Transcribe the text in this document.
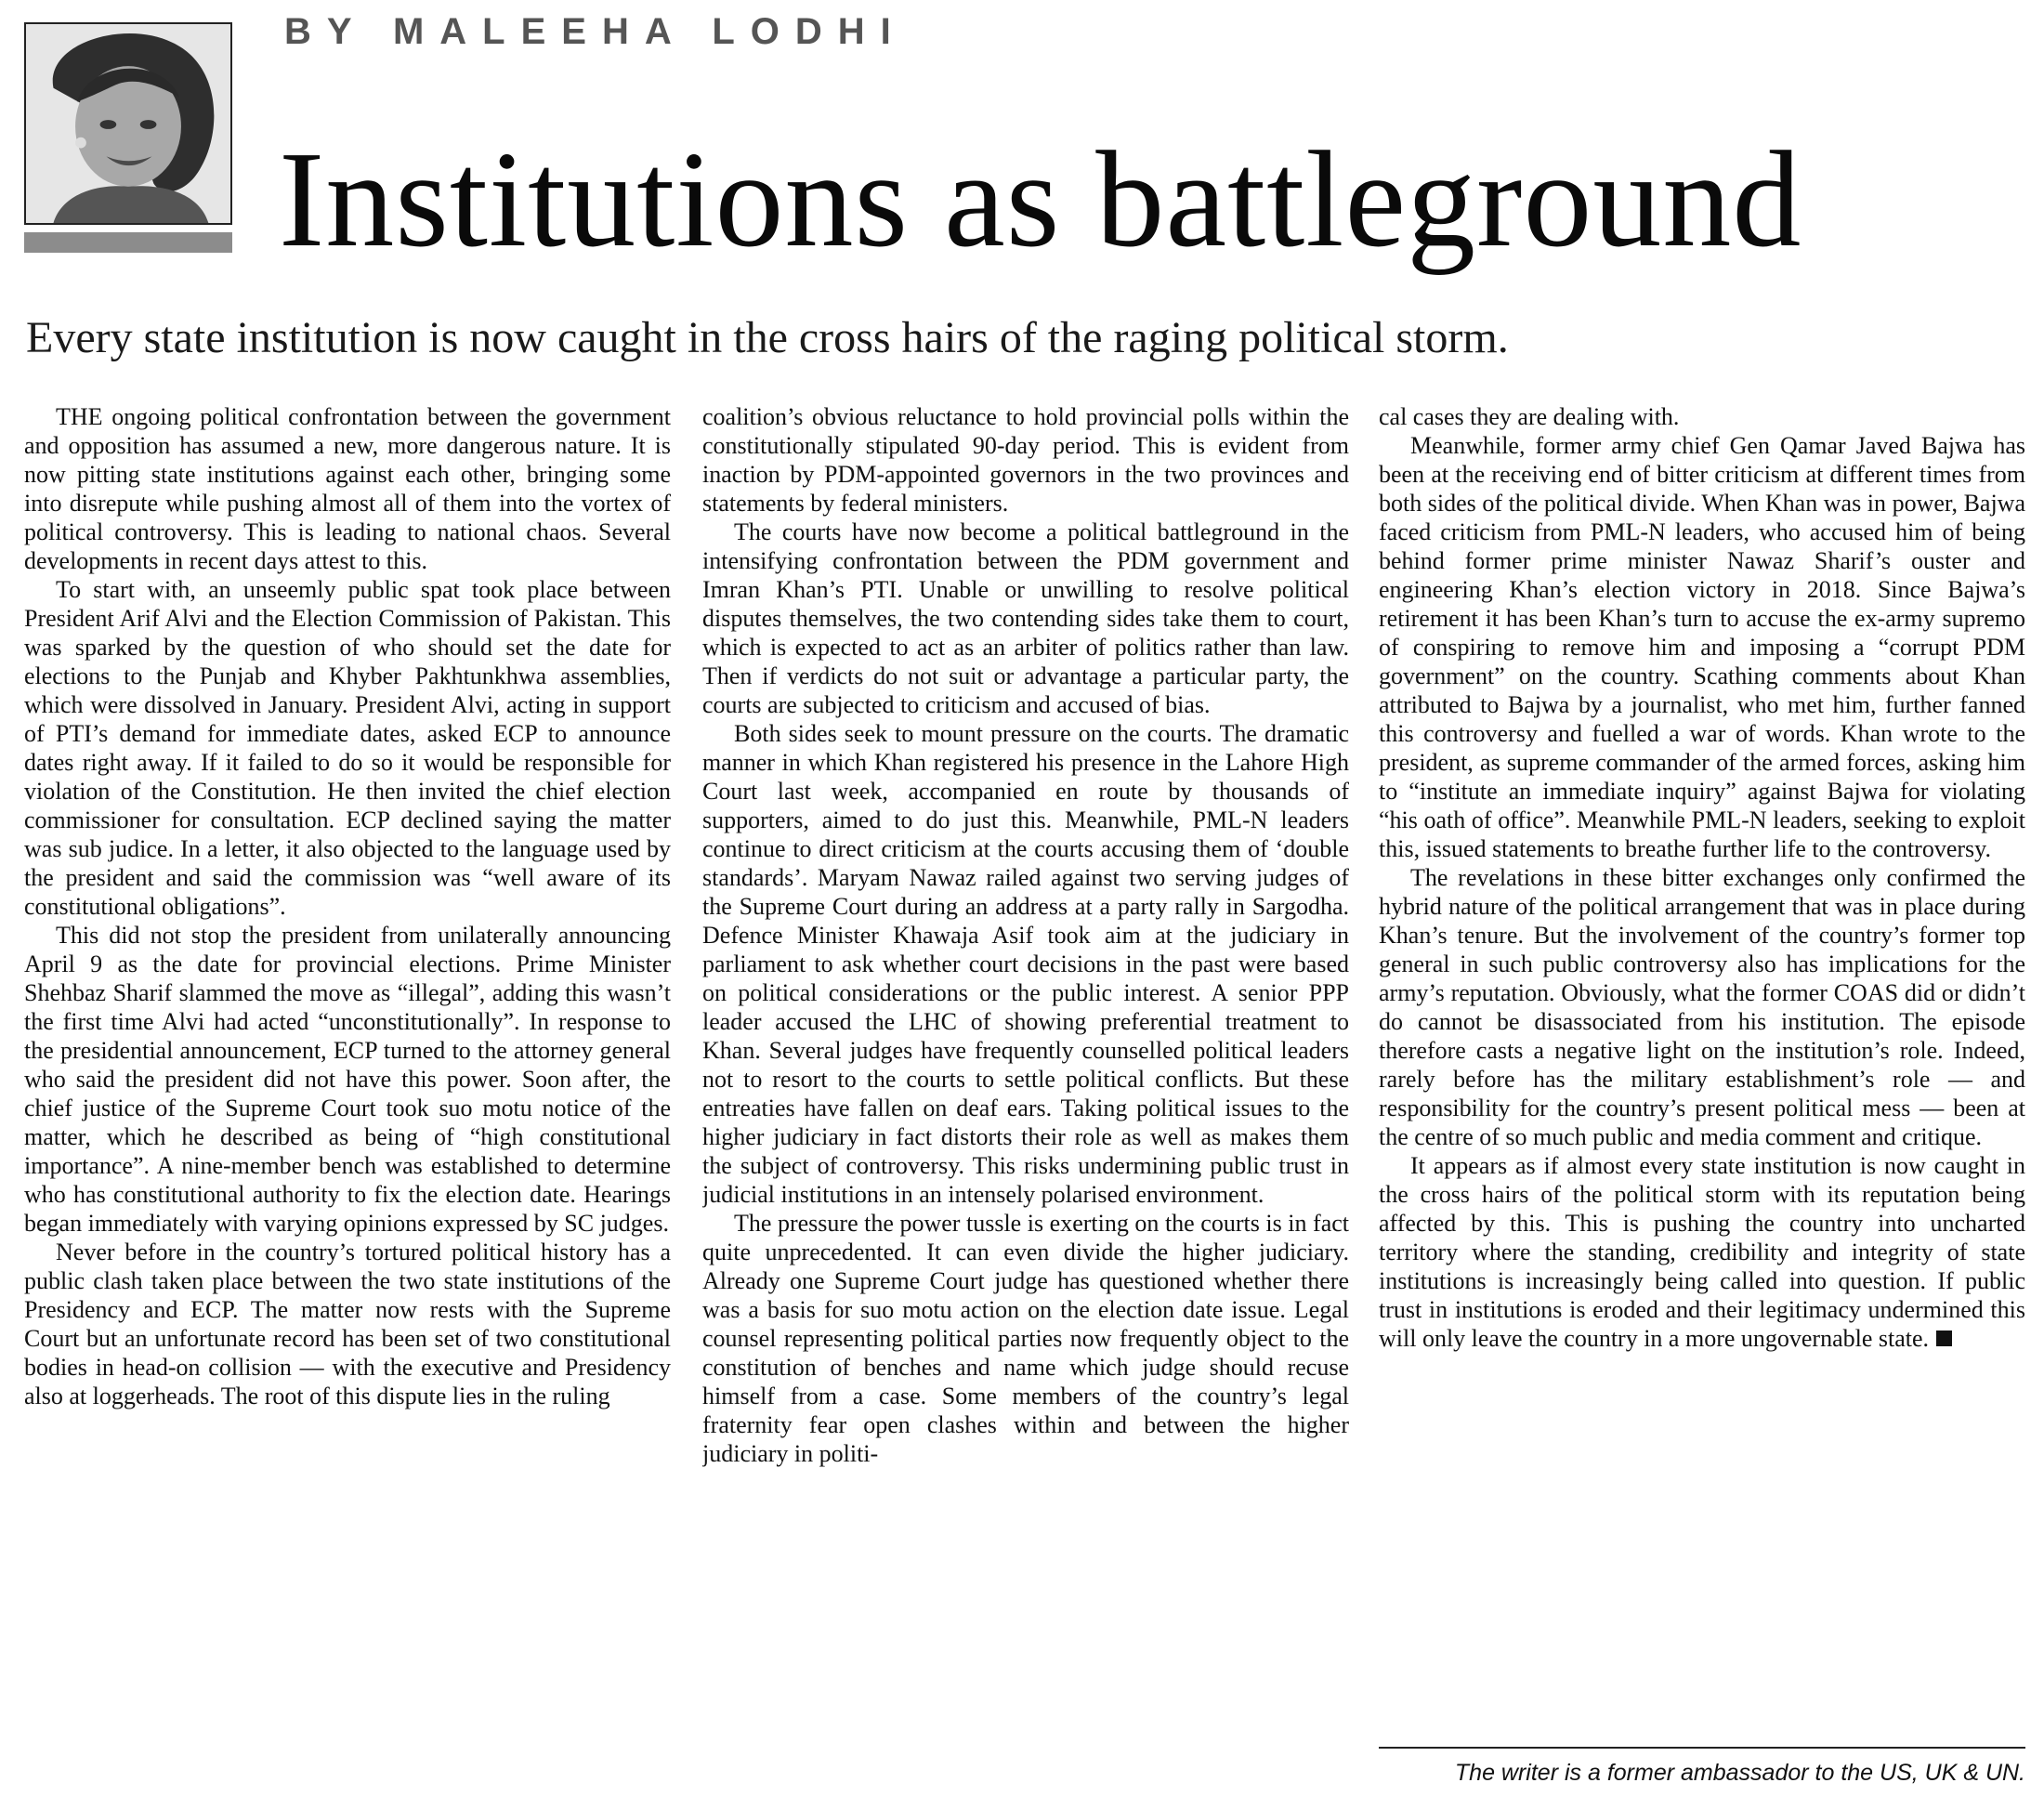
BY MALEEHA LODHI
Institutions as battleground
Every state institution is now caught in the cross hairs of the raging political storm.

THE ongoing political confrontation between the government and opposition has assumed a new, more dangerous nature. It is now pitting state institutions against each other, bringing some into disrepute while pushing almost all of them into the vortex of political controversy. This is leading to national chaos. Several developments in recent days attest to this.

To start with, an unseemly public spat took place between President Arif Alvi and the Election Commission of Pakistan. This was sparked by the question of who should set the date for elections to the Punjab and Khyber Pakhtunkhwa assemblies, which were dissolved in January. President Alvi, acting in support of PTI’s demand for immediate dates, asked ECP to announce dates right away. If it failed to do so it would be responsible for violation of the Constitution. He then invited the chief election commissioner for consultation. ECP declined saying the matter was sub judice. In a letter, it also objected to the language used by the president and said the commission was “well aware of its constitutional obligations”.

This did not stop the president from unilaterally announcing April 9 as the date for provincial elections. Prime Minister Shehbaz Sharif slammed the move as “illegal”, adding this wasn’t the first time Alvi had acted “unconstitutionally”. In response to the presidential announcement, ECP turned to the attorney general who said the president did not have this power. Soon after, the chief justice of the Supreme Court took suo motu notice of the matter, which he described as being of “high constitutional importance”. A nine-member bench was established to determine who has constitutional authority to fix the election date. Hearings began immediately with varying opinions expressed by SC judges.

Never before in the country’s tortured political history has a public clash taken place between the two state institutions of the Presidency and ECP. The matter now rests with the Supreme Court but an unfortunate record has been set of two constitutional bodies in head-on collision — with the executive and Presidency also at loggerheads. The root of this dispute lies in the ruling

coalition’s obvious reluctance to hold provincial polls within the constitutionally stipulated 90-day period. This is evident from inaction by PDM-appointed governors in the two provinces and statements by federal ministers.

The courts have now become a political battleground in the intensifying confrontation between the PDM government and Imran Khan’s PTI. Unable or unwilling to resolve political disputes themselves, the two contending sides take them to court, which is expected to act as an arbiter of politics rather than law. Then if verdicts do not suit or advantage a particular party, the courts are subjected to criticism and accused of bias.

Both sides seek to mount pressure on the courts. The dramatic manner in which Khan registered his presence in the Lahore High Court last week, accompanied en route by thousands of supporters, aimed to do just this. Meanwhile, PML-N leaders continue to direct criticism at the courts accusing them of ‘double standards’. Maryam Nawaz railed against two serving judges of the Supreme Court during an address at a party rally in Sargodha. Defence Minister Khawaja Asif took aim at the judiciary in parliament to ask whether court decisions in the past were based on political considerations or the public interest. A senior PPP leader accused the LHC of showing preferential treatment to Khan. Several judges have frequently counselled political leaders not to resort to the courts to settle political conflicts. But these entreaties have fallen on deaf ears. Taking political issues to the higher judiciary in fact distorts their role as well as makes them the subject of controversy. This risks undermining public trust in judicial institutions in an intensely polarised environment.

The pressure the power tussle is exerting on the courts is in fact quite unprecedented. It can even divide the higher judiciary. Already one Supreme Court judge has questioned whether there was a basis for suo motu action on the election date issue. Legal counsel representing political parties now frequently object to the constitution of benches and name which judge should recuse himself from a case. Some members of the country’s legal fraternity fear open clashes within and between the higher judiciary in politi-

cal cases they are dealing with.

Meanwhile, former army chief Gen Qamar Javed Bajwa has been at the receiving end of bitter criticism at different times from both sides of the political divide. When Khan was in power, Bajwa faced criticism from PML-N leaders, who accused him of being behind former prime minister Nawaz Sharif’s ouster and engineering Khan’s election victory in 2018. Since Bajwa’s retirement it has been Khan’s turn to accuse the ex-army supremo of conspiring to remove him and imposing a “corrupt PDM government” on the country. Scathing comments about Khan attributed to Bajwa by a journalist, who met him, further fanned this controversy and fuelled a war of words. Khan wrote to the president, as supreme commander of the armed forces, asking him to “institute an immediate inquiry” against Bajwa for violating “his oath of office”. Meanwhile PML-N leaders, seeking to exploit this, issued statements to breathe further life to the controversy.

The revelations in these bitter exchanges only confirmed the hybrid nature of the political arrangement that was in place during Khan’s tenure. But the involvement of the country’s former top general in such public controversy also has implications for the army’s reputation. Obviously, what the former COAS did or didn’t do cannot be disassociated from his institution. The episode therefore casts a negative light on the institution’s role. Indeed, rarely before has the military establishment’s role — and responsibility for the country’s present political mess — been at the centre of so much public and media comment and critique.

It appears as if almost every state institution is now caught in the cross hairs of the political storm with its reputation being affected by this. This is pushing the country into uncharted territory where the standing, credibility and integrity of state institutions is increasingly being called into question. If public trust in institutions is eroded and their legitimacy undermined this will only leave the country in a more ungovernable state.

The writer is a former ambassador to the US, UK & UN.
